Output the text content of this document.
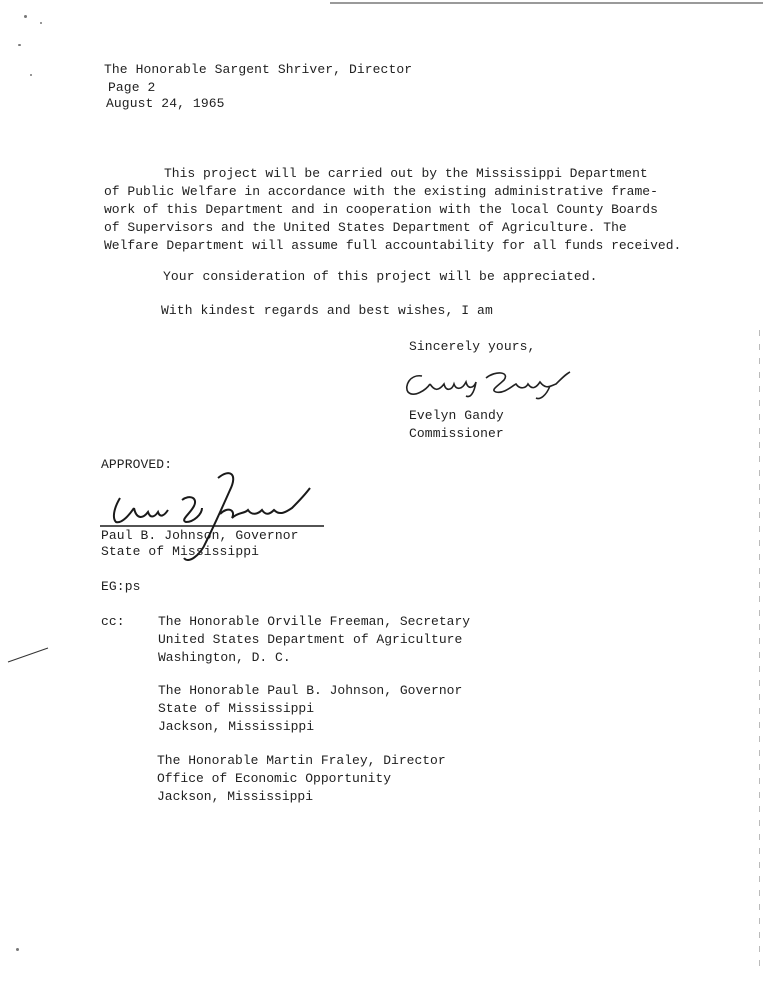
The Honorable Sargent Shriver, Director
Page 2
August 24, 1965
This project will be carried out by the Mississippi Department
of Public Welfare in accordance with the existing administrative frame-
work of this Department and in cooperation with the local County Boards
of Supervisors and the United States Department of Agriculture. The
Welfare Department will assume full accountability for all funds received.
Your consideration of this project will be appreciated.
With kindest regards and best wishes, I am
Sincerely yours,
Evelyn Gandy
Commissioner
APPROVED:
Paul B. Johnson, Governor
State of Mississippi
EG:ps
cc:	The Honorable Orville Freeman, Secretary
United States Department of Agriculture
Washington, D. C.
The Honorable Paul B. Johnson, Governor
State of Mississippi
Jackson, Mississippi
The Honorable Martin Fraley, Director
Office of Economic Opportunity
Jackson, Mississippi
